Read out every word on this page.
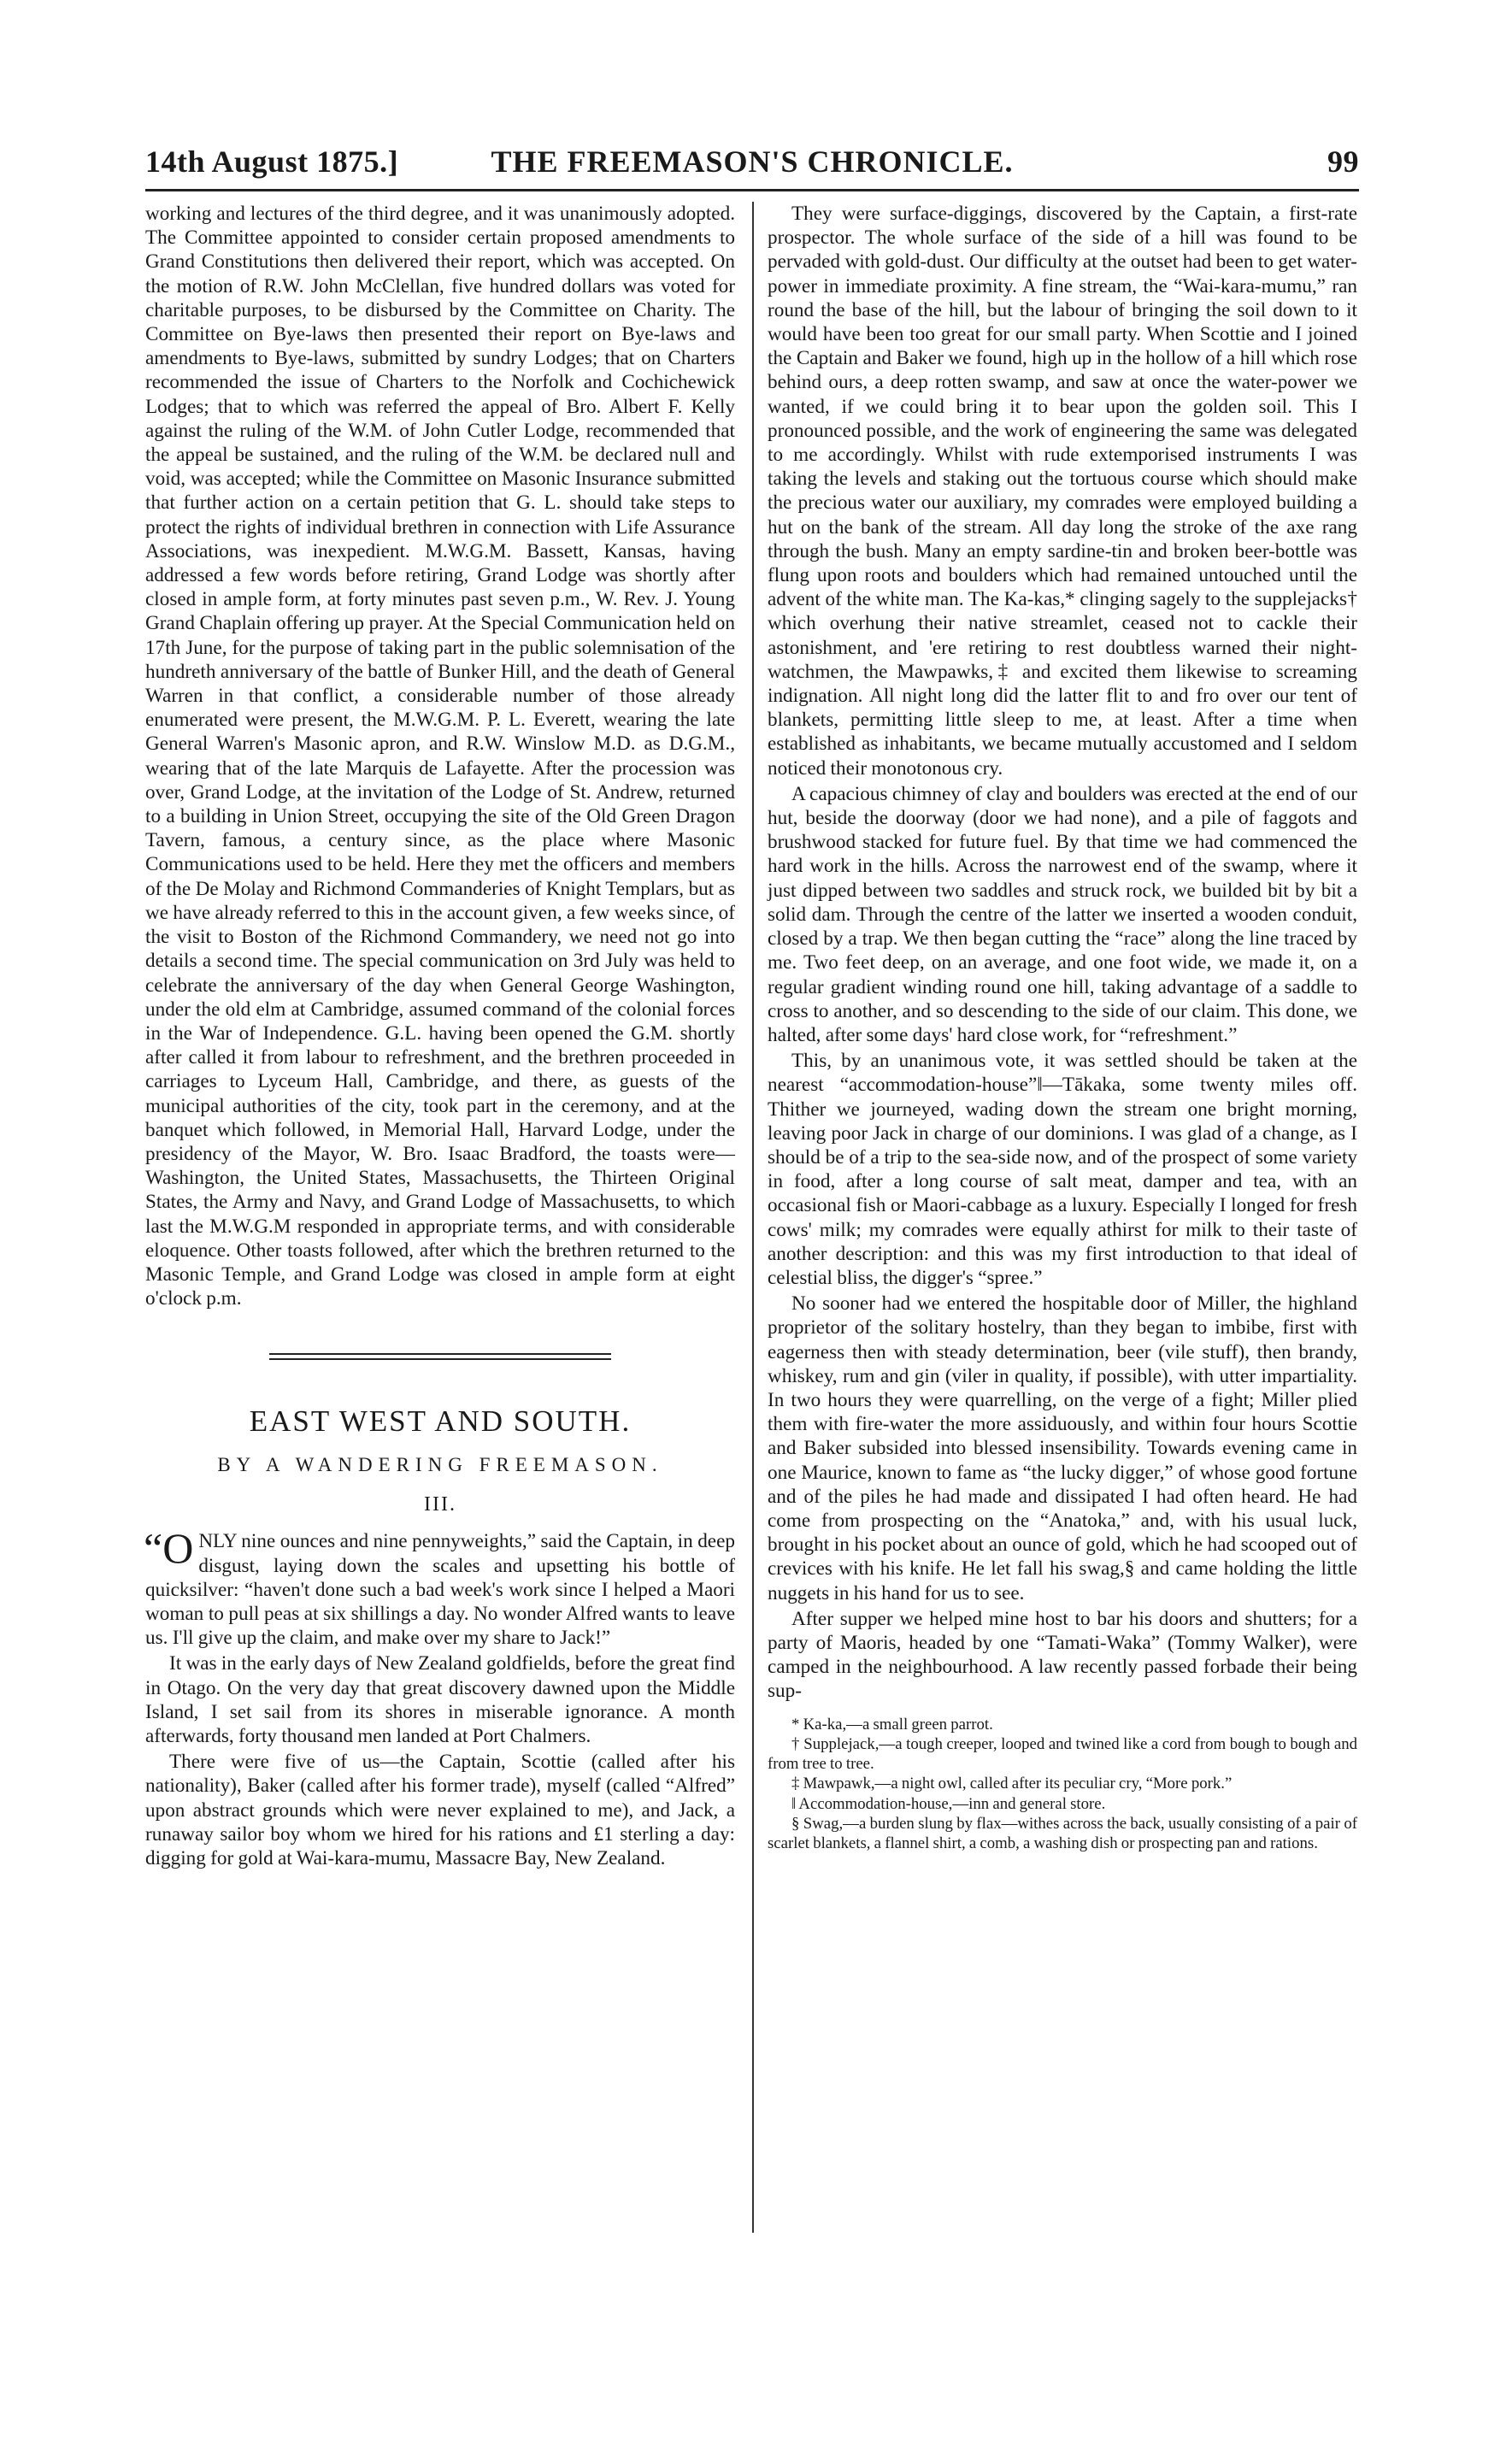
14th August 1875.]	THE FREEMASON'S CHRONICLE.	99

working and lectures of the third degree, and it was unanimously adopted. The Committee appointed to consider certain proposed amendments to Grand Constitutions then delivered their report, which was accepted. On the motion of R.W. John McClellan, five hundred dollars was voted for charitable purposes, to be disbursed by the Committee on Charity. The Committee on Bye-laws then presented their report on Bye-laws and amendments to Bye-laws, submitted by sundry Lodges; that on Charters recommended the issue of Charters to the Norfolk and Cochichewick Lodges; that to which was referred the appeal of Bro. Albert F. Kelly against the ruling of the W.M. of John Cutler Lodge, recommended that the appeal be sustained, and the ruling of the W.M. be declared null and void, was accepted; while the Committee on Masonic Insurance submitted that further action on a certain petition that G. L. should take steps to protect the rights of individual brethren in connection with Life Assurance Associations, was inexpedient. M.W.G.M. Bassett, Kansas, having addressed a few words before retiring, Grand Lodge was shortly after closed in ample form, at forty minutes past seven p.m., W. Rev. J. Young Grand Chaplain offering up prayer. At the Special Communication held on 17th June, for the purpose of taking part in the public solemnisation of the hundreth anniversary of the battle of Bunker Hill, and the death of General Warren in that conflict, a considerable number of those already enumerated were present, the M.W.G.M. P. L. Everett, wearing the late General Warren's Masonic apron, and R.W. Winslow M.D. as D.G.M., wearing that of the late Marquis de Lafayette. After the procession was over, Grand Lodge, at the invitation of the Lodge of St. Andrew, returned to a building in Union Street, occupying the site of the Old Green Dragon Tavern, famous, a century since, as the place where Masonic Communications used to be held. Here they met the officers and members of the De Molay and Richmond Commanderies of Knight Templars, but as we have already referred to this in the account given, a few weeks since, of the visit to Boston of the Richmond Commandery, we need not go into details a second time. The special communication on 3rd July was held to celebrate the anniversary of the day when General George Washington, under the old elm at Cambridge, assumed command of the colonial forces in the War of Independence. G.L. having been opened the G.M. shortly after called it from labour to refreshment, and the brethren proceeded in carriages to Lyceum Hall, Cambridge, and there, as guests of the municipal authorities of the city, took part in the ceremony, and at the banquet which followed, in Memorial Hall, Harvard Lodge, under the presidency of the Mayor, W. Bro. Isaac Bradford, the toasts were—Washington, the United States, Massachusetts, the Thirteen Original States, the Army and Navy, and Grand Lodge of Massachusetts, to which last the M.W.G.M responded in appropriate terms, and with considerable eloquence. Other toasts followed, after which the brethren returned to the Masonic Temple, and Grand Lodge was closed in ample form at eight o'clock p.m.

EAST WEST AND SOUTH.
BY A WANDERING FREEMASON.
III.

“ONLY nine ounces and nine pennyweights,” said the Captain, in deep disgust, laying down the scales and upsetting his bottle of quicksilver: “haven't done such a bad week's work since I helped a Maori woman to pull peas at six shillings a day. No wonder Alfred wants to leave us. I'll give up the claim, and make over my share to Jack!”

It was in the early days of New Zealand goldfields, before the great find in Otago. On the very day that great discovery dawned upon the Middle Island, I set sail from its shores in miserable ignorance. A month afterwards, forty thousand men landed at Port Chalmers.

There were five of us—the Captain, Scottie (called after his nationality), Baker (called after his former trade), myself (called “Alfred” upon abstract grounds which were never explained to me), and Jack, a runaway sailor boy whom we hired for his rations and £1 sterling a day: digging for gold at Wai-kara-mumu, Massacre Bay, New Zealand.

They were surface-diggings, discovered by the Captain, a first-rate prospector. The whole surface of the side of a hill was found to be pervaded with gold-dust. Our difficulty at the outset had been to get water-power in immediate proximity. A fine stream, the “Wai-kara-mumu,” ran round the base of the hill, but the labour of bringing the soil down to it would have been too great for our small party. When Scottie and I joined the Captain and Baker we found, high up in the hollow of a hill which rose behind ours, a deep rotten swamp, and saw at once the water-power we wanted, if we could bring it to bear upon the golden soil. This I pronounced possible, and the work of engineering the same was delegated to me accordingly. Whilst with rude extemporised instruments I was taking the levels and staking out the tortuous course which should make the precious water our auxiliary, my comrades were employed building a hut on the bank of the stream. All day long the stroke of the axe rang through the bush. Many an empty sardine-tin and broken beer-bottle was flung upon roots and boulders which had remained untouched until the advent of the white man. The Ka-kas,* clinging sagely to the supplejacks† which overhung their native streamlet, ceased not to cackle their astonishment, and 'ere retiring to rest doubtless warned their night-watchmen, the Mawpawks,‡ and excited them likewise to screaming indignation. All night long did the latter flit to and fro over our tent of blankets, permitting little sleep to me, at least. After a time when established as inhabitants, we became mutually accustomed and I seldom noticed their monotonous cry.

A capacious chimney of clay and boulders was erected at the end of our hut, beside the doorway (door we had none), and a pile of faggots and brushwood stacked for future fuel. By that time we had commenced the hard work in the hills. Across the narrowest end of the swamp, where it just dipped between two saddles and struck rock, we builded bit by bit a solid dam. Through the centre of the latter we inserted a wooden conduit, closed by a trap. We then began cutting the “race” along the line traced by me. Two feet deep, on an average, and one foot wide, we made it, on a regular gradient winding round one hill, taking advantage of a saddle to cross to another, and so descending to the side of our claim. This done, we halted, after some days' hard close work, for “refreshment.”

This, by an unanimous vote, it was settled should be taken at the nearest “accommodation-house”‖—Tākaka, some twenty miles off. Thither we journeyed, wading down the stream one bright morning, leaving poor Jack in charge of our dominions. I was glad of a change, as I should be of a trip to the sea-side now, and of the prospect of some variety in food, after a long course of salt meat, damper and tea, with an occasional fish or Maori-cabbage as a luxury. Especially I longed for fresh cows' milk; my comrades were equally athirst for milk to their taste of another description: and this was my first introduction to that ideal of celestial bliss, the digger's “spree.”

No sooner had we entered the hospitable door of Miller, the highland proprietor of the solitary hostelry, than they began to imbibe, first with eagerness then with steady determination, beer (vile stuff), then brandy, whiskey, rum and gin (viler in quality, if possible), with utter impartiality. In two hours they were quarrelling, on the verge of a fight; Miller plied them with fire-water the more assiduously, and within four hours Scottie and Baker subsided into blessed insensibility. Towards evening came in one Maurice, known to fame as “the lucky digger,” of whose good fortune and of the piles he had made and dissipated I had often heard. He had come from prospecting on the “Anatoka,” and, with his usual luck, brought in his pocket about an ounce of gold, which he had scooped out of crevices with his knife. He let fall his swag,§ and came holding the little nuggets in his hand for us to see.

After supper we helped mine host to bar his doors and shutters; for a party of Maoris, headed by one “Tamati-Waka” (Tommy Walker), were camped in the neighbourhood. A law recently passed forbade their being sup-

* Ka-ka,—a small green parrot.

† Supplejack,—a tough creeper, looped and twined like a cord from bough to bough and from tree to tree.

‡ Mawpawk,—a night owl, called after its peculiar cry, “More pork.”

‖ Accommodation-house,—inn and general store.

§ Swag,—a burden slung by flax—withes across the back, usually consisting of a pair of scarlet blankets, a flannel shirt, a comb, a washing dish or prospecting pan and rations.
